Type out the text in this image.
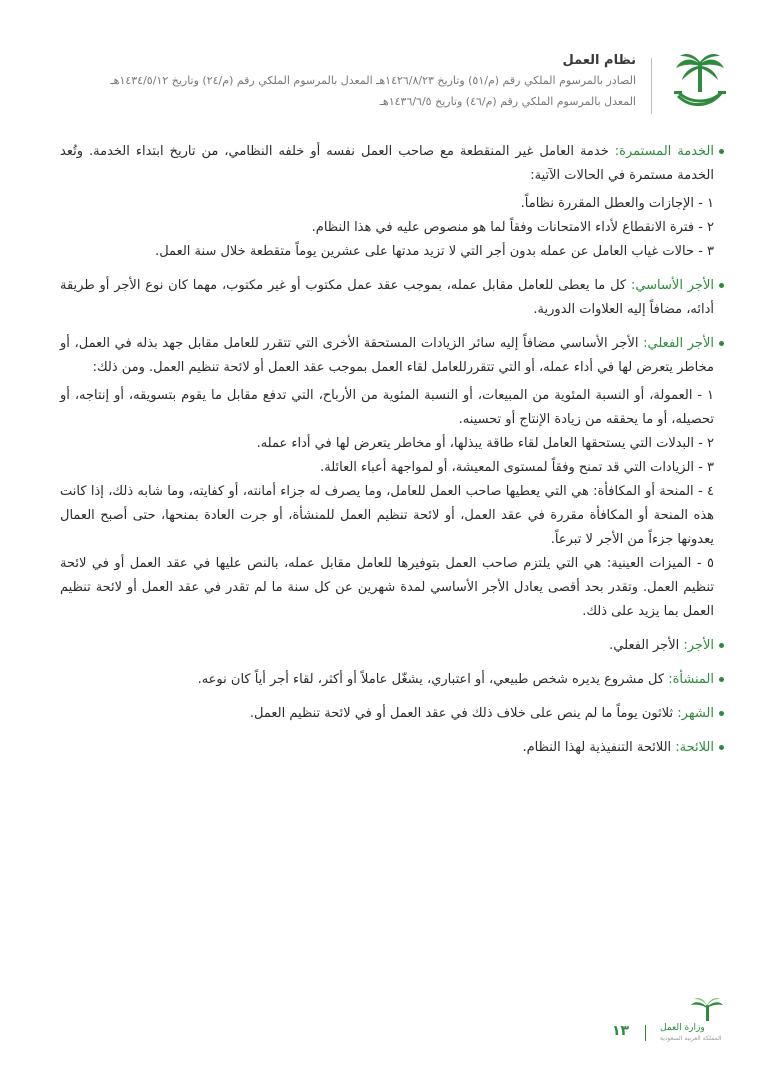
نظام العمل
الصادر بالمرسوم الملكي رقم (م/٥١) وتاريخ ١٤٢٦/٨/٢٣هـ المعدل بالمرسوم الملكي رقم (م/٢٤) وتاريخ ١٤٣٤/٥/١٢هـ
المعدل بالمرسوم الملكي رقم (م/٤٦) وتاريخ ١٤٣٦/٦/٥هـ
الخدمة المستمرة: خدمة العامل غير المنقطعة مع صاحب العمل نفسه أو خلفه النظامي، من تاريخ ابتداء الخدمة. وتُعد الخدمة مستمرة في الحالات الآتية:
١ - الإجازات والعطل المقررة نظاماً.
٢ - فترة الانقطاع لأداء الامتحانات وفقاً لما هو منصوص عليه في هذا النظام.
٣ - حالات غياب العامل عن عمله بدون أجر التي لا تزيد مدتها على عشرين يوماً متقطعة خلال سنة العمل.
الأجر الأساسي: كل ما يعطى للعامل مقابل عمله، بموجب عقد عمل مكتوب أو غير مكتوب، مهما كان نوع الأجر أو طريقة أدائه، مضافاً إليه العلاوات الدورية.
الأجر الفعلي: الأجر الأساسي مضافاً إليه سائر الزيادات المستحقة الأخرى التي تتقرر للعامل مقابل جهد بذله في العمل، أو مخاطر يتعرض لها في أداء عمله، أو التي تتقررللعامل لقاء العمل بموجب عقد العمل أو لائحة تنظيم العمل. ومن ذلك:
١ - العمولة، أو النسبة المئوية من المبيعات، أو النسبة المئوية من الأرباح، التي تدفع مقابل ما يقوم بتسويقه، أو إنتاجه، أو تحصيله، أو ما يحققه من زيادة الإنتاج أو تحسينه.
٢ - البدلات التي يستحقها العامل لقاء طاقة يبذلها، أو مخاطر يتعرض لها في أداء عمله.
٣ - الزيادات التي قد تمنح وفقاً لمستوى المعيشة، أو لمواجهة أعباء العائلة.
٤ - المنحة أو المكافأة: هي التي يعطيها صاحب العمل للعامل، وما يصرف له جزاء أمانته، أو كفايته، وما شابه ذلك، إذا كانت هذه المنحة أو المكافأة مقررة في عقد العمل، أو لائحة تنظيم العمل للمنشأة، أو جرت العادة بمنحها، حتى أصبح العمال يعدونها جزءاً من الأجر لا تبرعاً.
٥ - الميزات العينية: هي التي يلتزم صاحب العمل بتوفيرها للعامل مقابل عمله، بالنص عليها في عقد العمل أو في لائحة تنظيم العمل. وتقدر بحد أقصى يعادل الأجر الأساسي لمدة شهرين عن كل سنة ما لم تقدر في عقد العمل أو لائحة تنظيم العمل بما يزيد على ذلك.
الأجر: الأجر الفعلي.
المنشأة: كل مشروع يديره شخص طبيعي، أو اعتباري، يشغّل عاملاً أو أكثر، لقاء أجر أياً كان نوعه.
الشهر: ثلاثون يوماً ما لم ينص على خلاف ذلك في عقد العمل أو في لائحة تنظيم العمل.
اللائحة: اللائحة التنفيذية لهذا النظام.
١٣	وزارة العمل
المملكة العربية السعودية
